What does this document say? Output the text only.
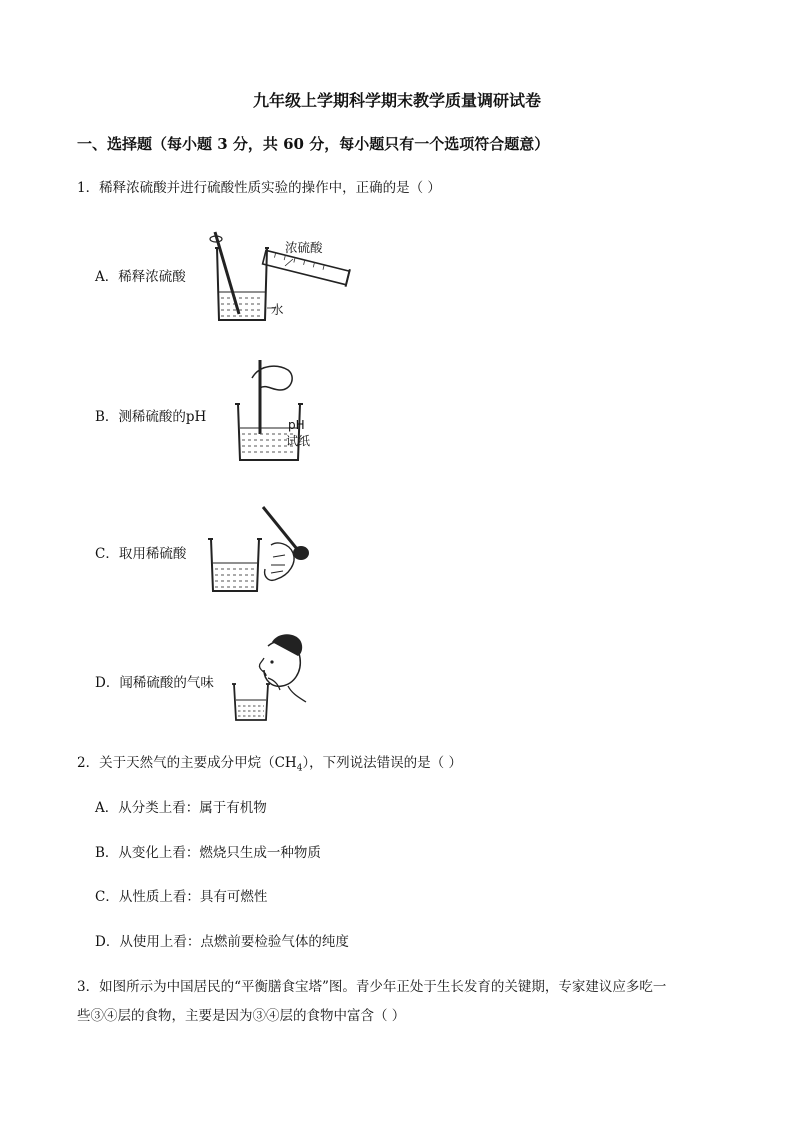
九年级上学期科学期末教学质量调研试卷
一、选择题（每小题 3 分，共 60 分，每小题只有一个选项符合题意）
1．稀释浓硫酸并进行硫酸性质实验的操作中，正确的是（ ）
A．稀释浓硫酸
浓硫酸
水
B．测稀硫酸的pH	pH
试纸
C．取用稀硫酸
D．闻稀硫酸的气味
2．关于天然气的主要成分甲烷$(CH_4)$，下列说法错误的是（ ）
A．从分类上看：属于有机物
B．从变化上看：燃烧只生成一种物质
C．从性质上看：具有可燃性
D．从使用上看：点燃前要检验气体的纯度
3．如图所示为中国居民的“平衡膳食宝塔”图。青少年正处于生长发育的关键期，专家建议应多吃一
些③④层的食物，主要是因为③④层的食物中富含（ ）
